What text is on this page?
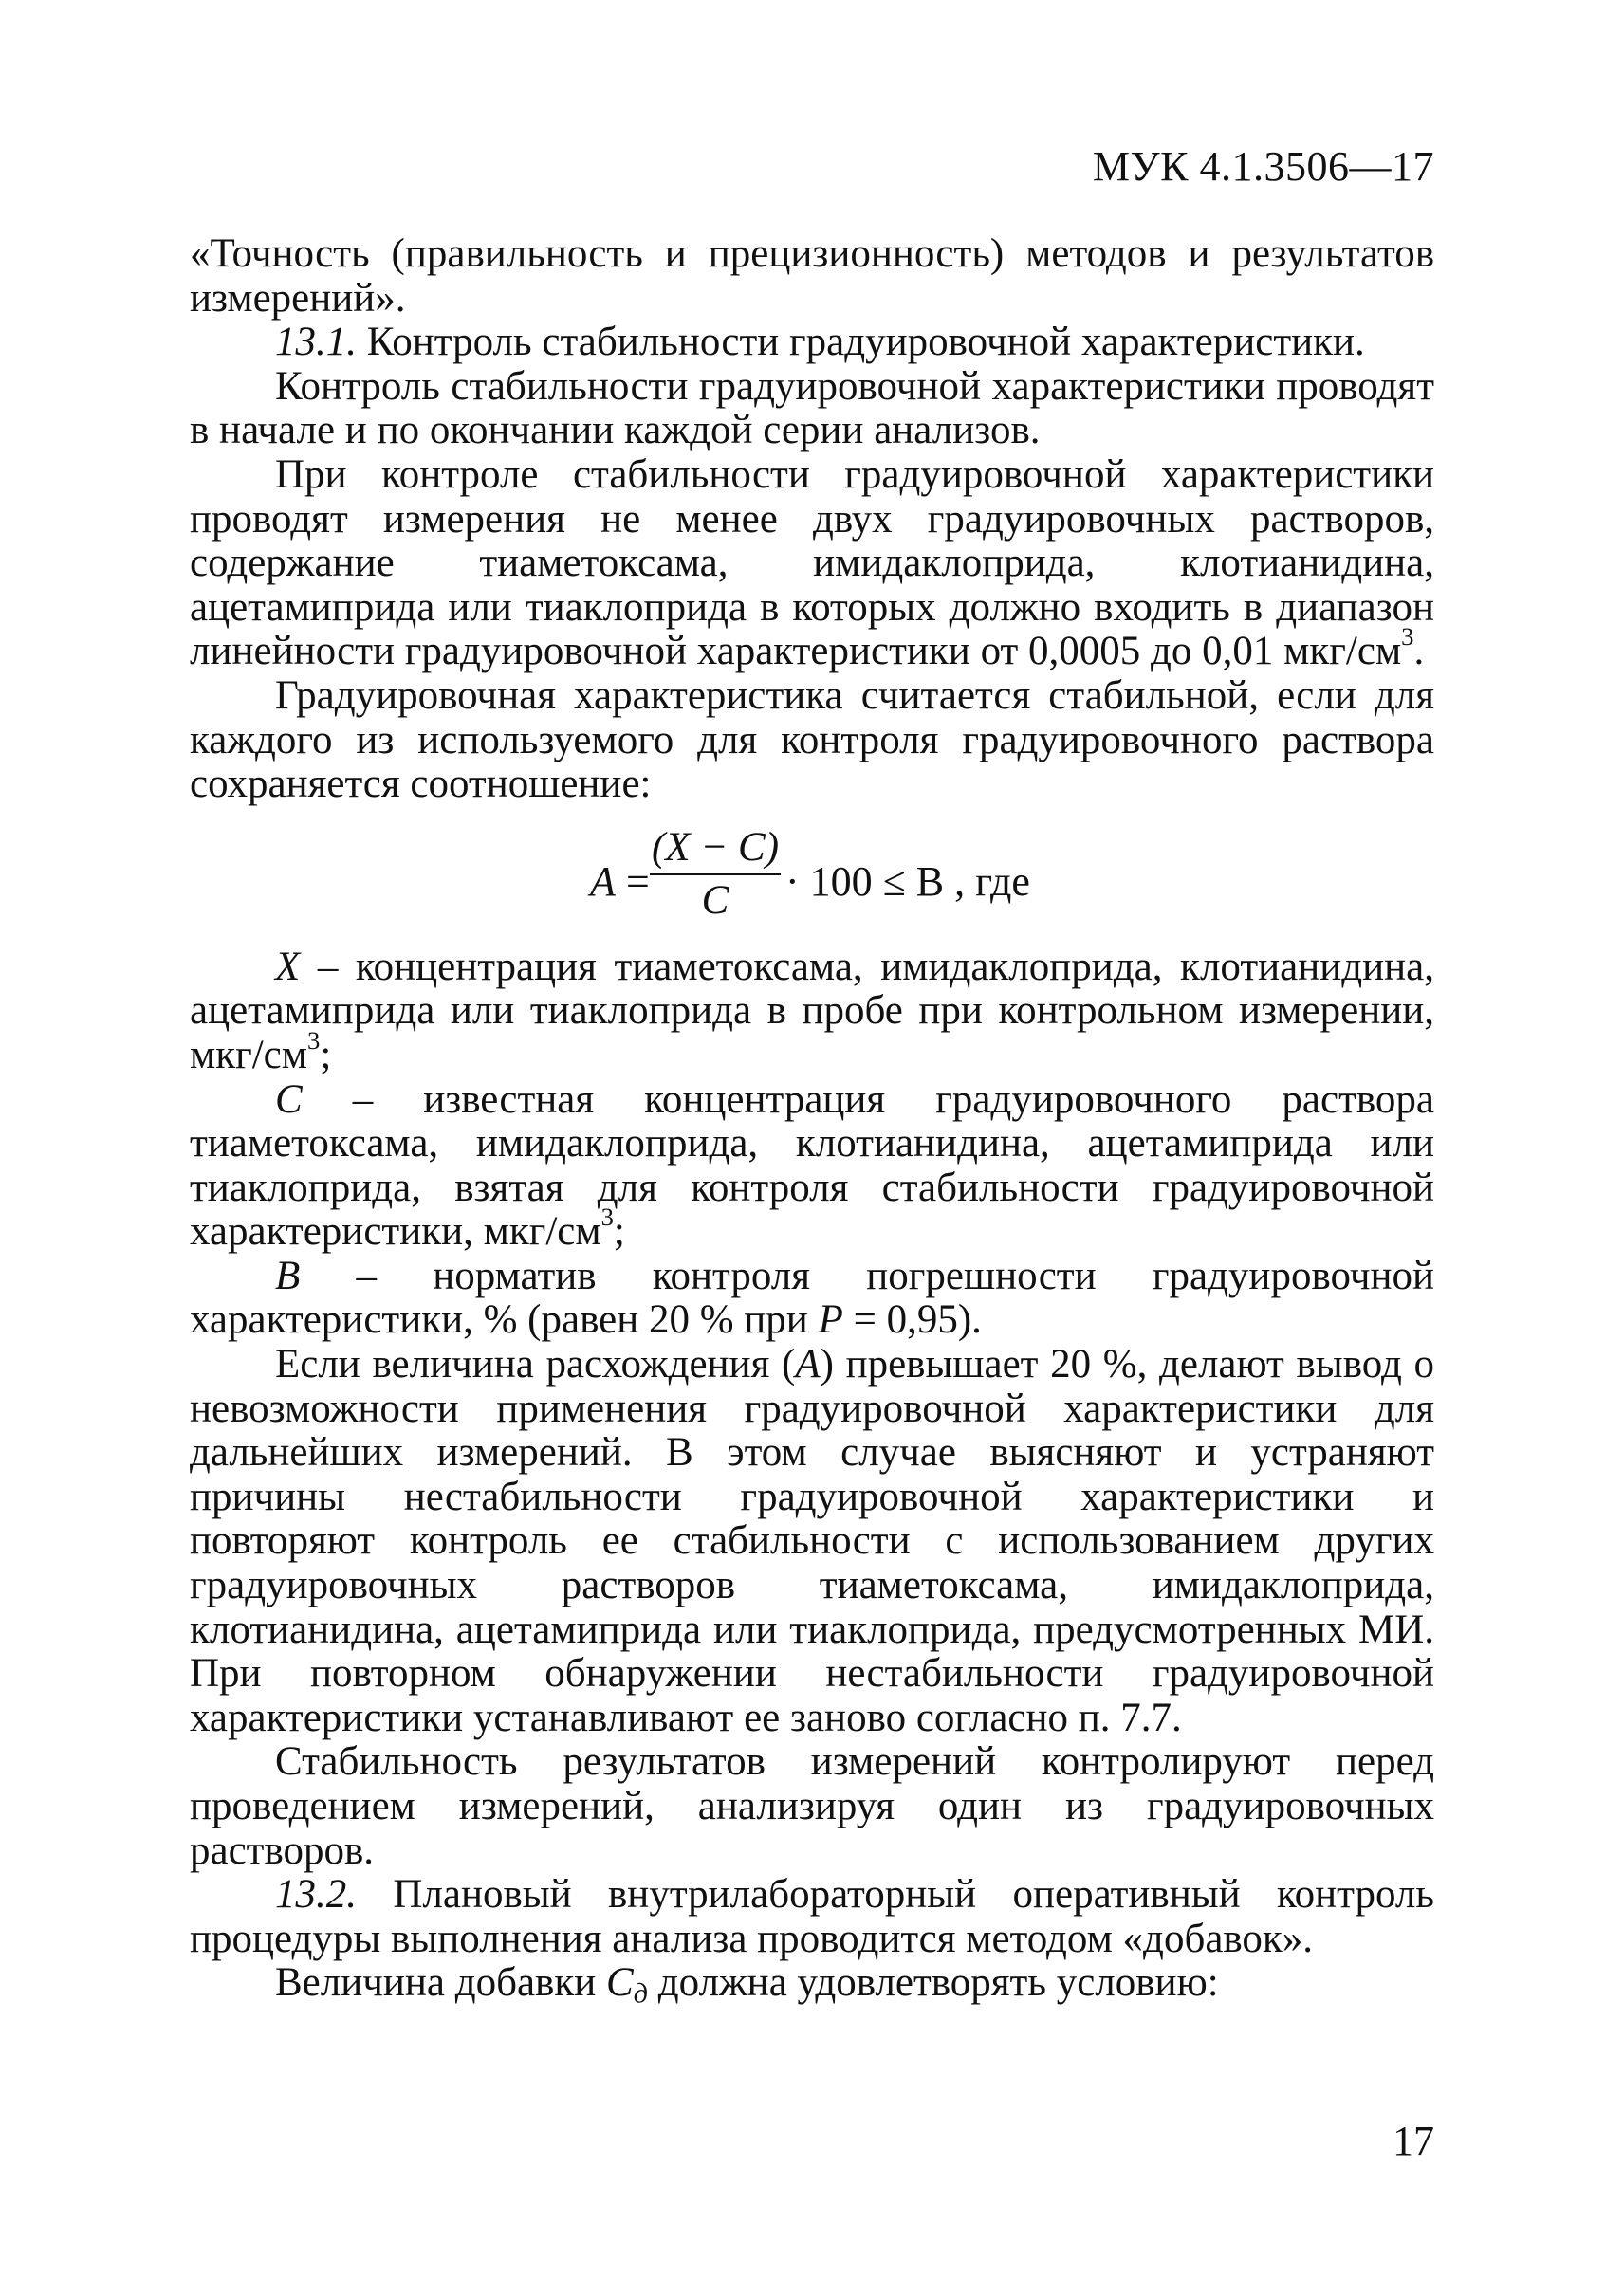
МУК 4.1.3506—17

«Точность (правильность и прецизионность) методов и результатов измерений».

13.1. Контроль стабильности градуировочной характеристики.

Контроль стабильности градуировочной характеристики проводят в начале и по окончании каждой серии анализов.

При контроле стабильности градуировочной характеристики проводят измерения не менее двух градуировочных растворов, содержание тиаметоксама, имидаклоприда, клотианидина, ацетамиприда или тиаклоприда в которых должно входить в диапазон линейности градуировочной характеристики от 0,0005 до 0,01 мкг/$см^3$.

Градуировочная характеристика считается стабильной, если для каждого из используемого для контроля градуировочного раствора сохраняется соотношение:

A =
(X − C)
C	· 100 ≤ B , где

X – концентрация тиаметоксама, имидаклоприда, клотианидина, ацетамиприда или тиаклоприда в пробе при контрольном измерении, мкг/$см^3$;

C – известная концентрация градуировочного раствора тиаметоксама, имидаклоприда, клотианидина, ацетамиприда или тиаклоприда, взятая для контроля стабильности градуировочной характеристики, мкг/$см^3$;

B – норматив контроля погрешности градуировочной характеристики, % (равен 20 % при P = 0,95).

Если величина расхождения (A) превышает 20 %, делают вывод о невозможности применения градуировочной характеристики для дальнейших измерений. В этом случае выясняют и устраняют причины нестабильности градуировочной характеристики и повторяют контроль ее стабильности с использованием других градуировочных растворов тиаметоксама, имидаклоприда, клотианидина, ацетамиприда или тиаклоприда, предусмотренных МИ. При повторном обнаружении нестабильности градуировочной характеристики устанавливают ее заново согласно п. 7.7.

Стабильность результатов измерений контролируют перед проведением измерений, анализируя один из градуировочных растворов.

13.2. Плановый внутрилабораторный оперативный контроль процедуры выполнения анализа проводится методом «добавок».

Величина добавки $C_д$ должна удовлетворять условию:

17
